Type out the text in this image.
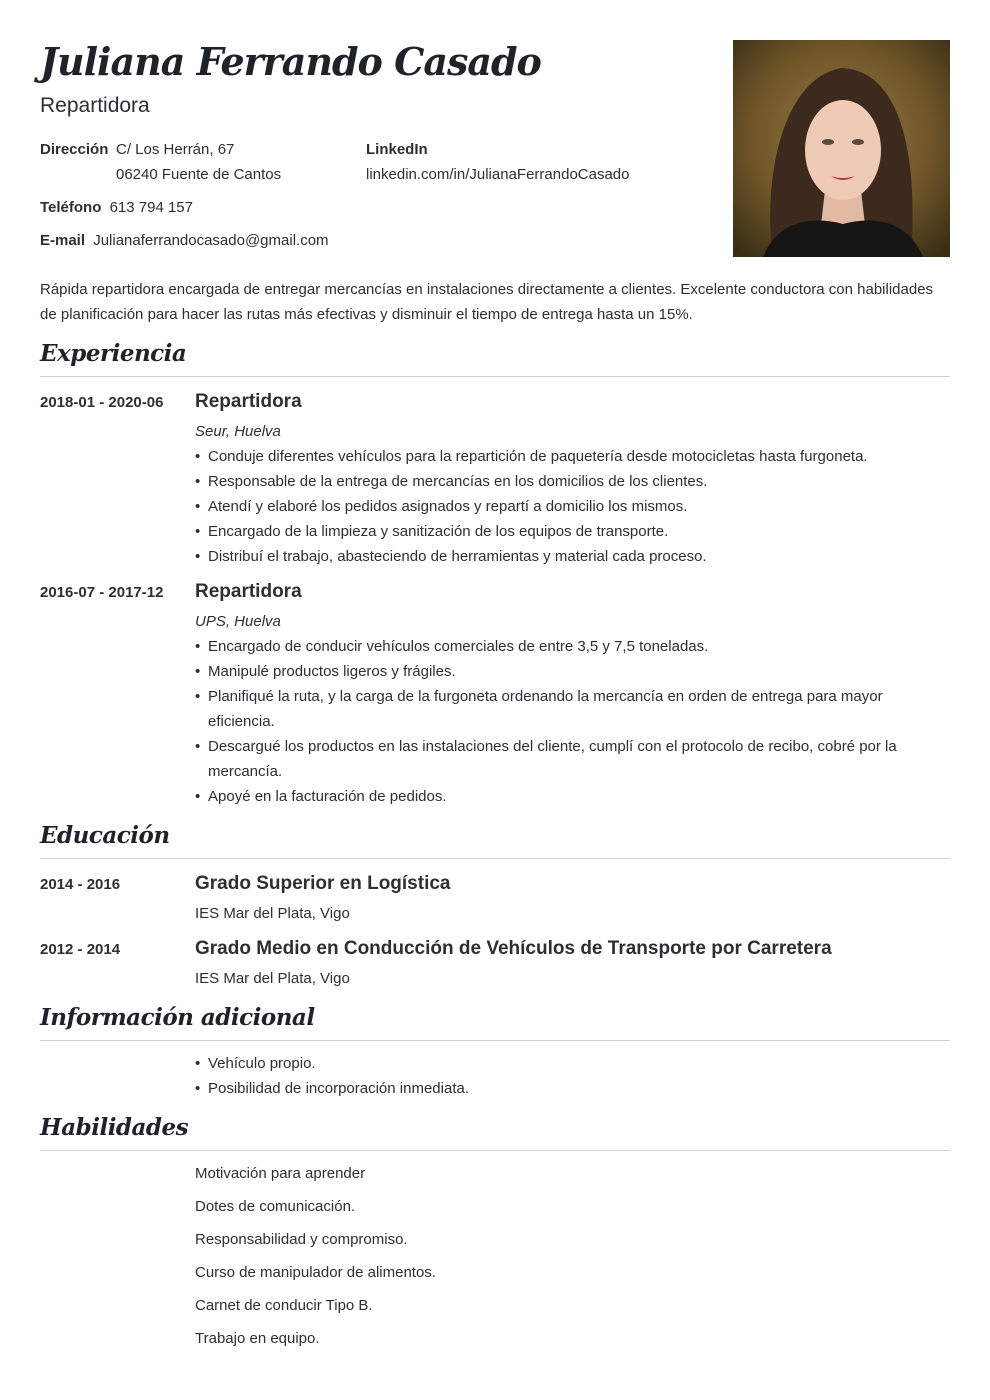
Juliana Ferrando Casado
Repartidora
Dirección C/ Los Herrán, 67
06240 Fuente de Cantos
Teléfono 613 794 157
E-mail Julianaferrandocasado@gmail.com
LinkedIn
linkedin.com/in/JulianaFerrandoCasado
Rápida repartidora encargada de entregar mercancías en instalaciones directamente a clientes. Excelente conductora con habilidades de planificación para hacer las rutas más efectivas y disminuir el tiempo de entrega hasta un 15%.
Experiencia
2018-01 - 2020-06 Repartidora
Seur, Huelva
• Conduje diferentes vehículos para la repartición de paquetería desde motocicletas hasta furgoneta.
• Responsable de la entrega de mercancías en los domicilios de los clientes.
• Atendí y elaboré los pedidos asignados y repartí a domicilio los mismos.
• Encargado de la limpieza y sanitización de los equipos de transporte.
• Distribuí el trabajo, abasteciendo de herramientas y material cada proceso.
2016-07 - 2017-12 Repartidora
UPS, Huelva
• Encargado de conducir vehículos comerciales de entre 3,5 y 7,5 toneladas.
• Manipulé productos ligeros y frágiles.
• Planifiqué la ruta, y la carga de la furgoneta ordenando la mercancía en orden de entrega para mayor eficiencia.
• Descargué los productos en las instalaciones del cliente, cumplí con el protocolo de recibo, cobré por la mercancía.
• Apoyé en la facturación de pedidos.
Educación
2014 - 2016	Grado Superior en Logística
IES Mar del Plata, Vigo
2012 - 2014	Grado Medio en Conducción de Vehículos de Transporte por Carretera
IES Mar del Plata, Vigo
Información adicional
• Vehículo propio.
• Posibilidad de incorporación inmediata.
Habilidades
Motivación para aprender
Dotes de comunicación.
Responsabilidad y compromiso.
Curso de manipulador de alimentos.
Carnet de conducir Tipo B.
Trabajo en equipo.
